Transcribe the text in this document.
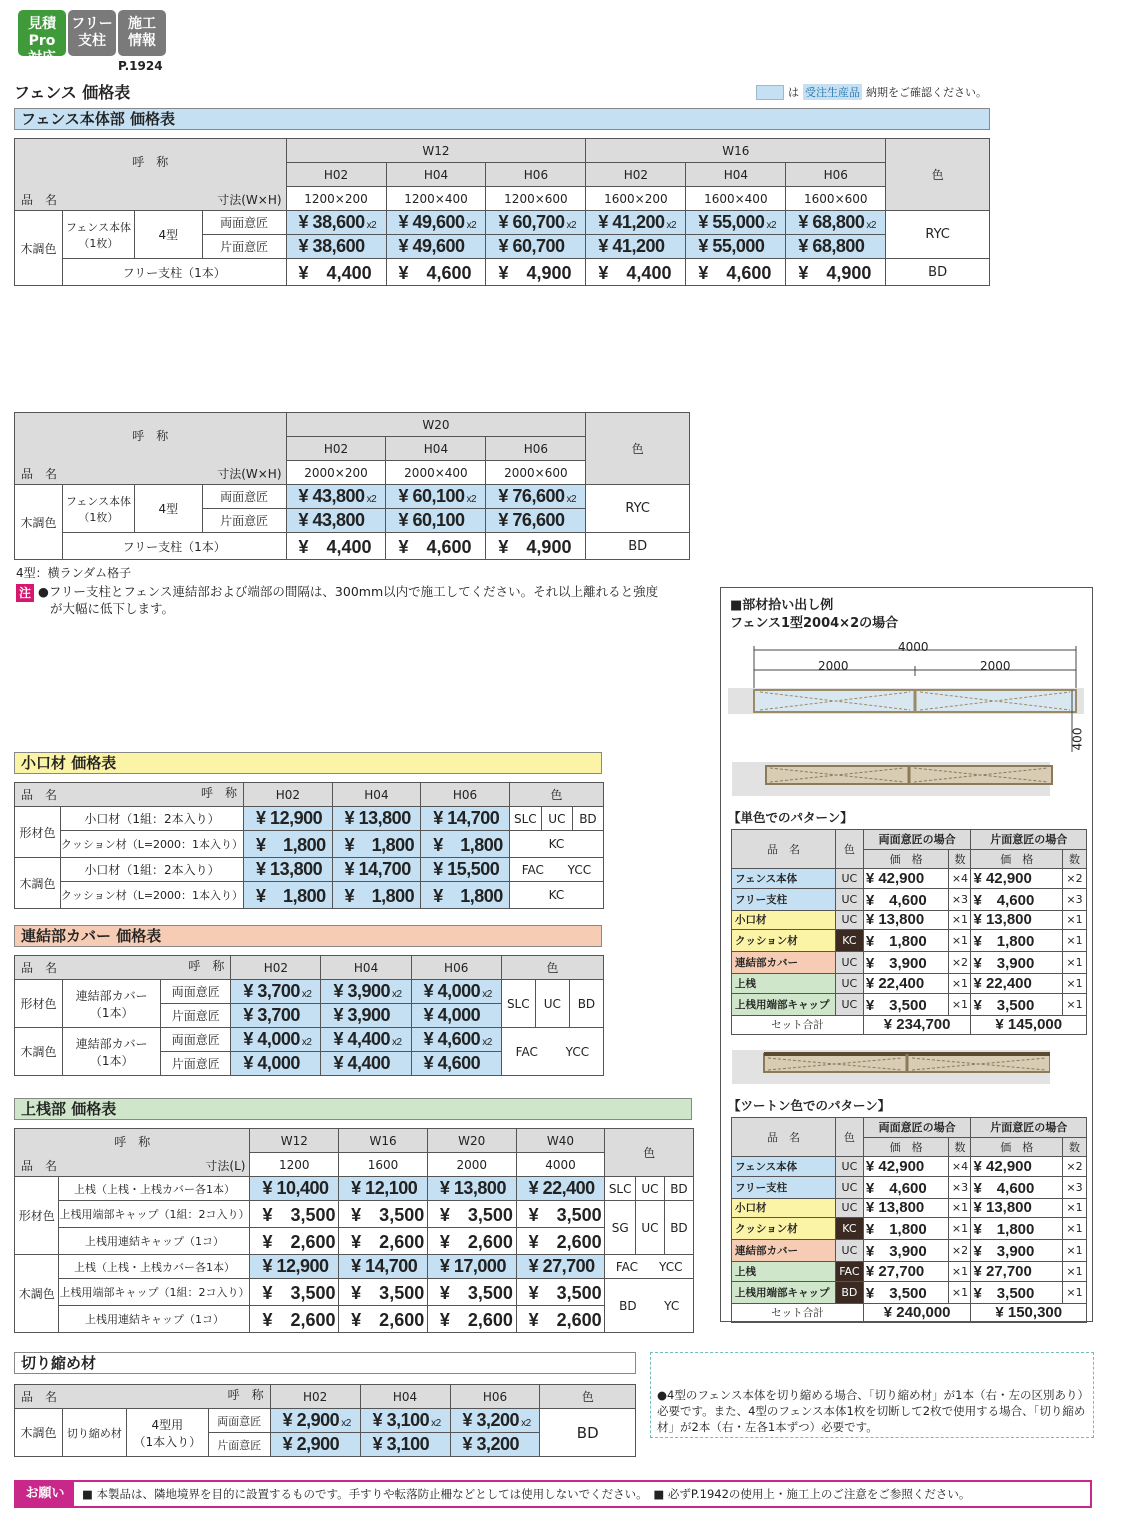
見積Pro
対応
フリー
支柱
施工
情報
P.1924
フェンス 価格表	は 受注生産品 納期をご確認ください。
フェンス本体部 価格表
呼　称
品　名 寸法(W×H)				W12			W16			色
				H02	H04	H06	H02	H04	H06	
				1200×200	1200×400	1200×600	1600×200	1600×400	1600×600	
木調色	フェンス本体
（1枚）	4型	両面意匠	¥ 38,600 x2	¥ 49,600 x2	¥ 60,700 x2	¥ 41,200 x2	¥ 55,000 x2	¥ 68,800 x2	RYC
			片面意匠	¥ 38,600	¥ 49,600	¥ 60,700	¥ 41,200	¥ 55,000	¥ 68,800	
	フリー支柱（1本）			¥　4,400	¥　4,600	¥　4,900	¥　4,400	¥　4,600	¥　4,900	BD
呼　称
品　名 寸法(W×H)				W20			色
				H02	H04	H06	
				2000×200	2000×400	2000×600	
木調色	フェンス本体
（1枚）	4型	両面意匠	¥ 43,800 x2	¥ 60,100 x2	¥ 76,600 x2	RYC
			片面意匠	¥ 43,800	¥ 60,100	¥ 76,600	
	フリー支柱（1本）			¥　4,400	¥　4,600	¥　4,900	BD
4型：横ランダム格子
注 ●フリー支柱とフェンス連結部および端部の間隔は、300mm以内で施工してください。それ以上離れると強度
が大幅に低下します。
小口材 価格表
品　名 呼　称		H02	H04	H06	色		
形材色	小口材（1組：2本入り）	¥ 12,900	¥ 13,800	¥ 14,700	SLC	UC	BD
	クッション材（L=2000：1本入り）	¥　1,800	¥　1,800	¥　1,800	KC		
木調色	小口材（1組：2本入り）	¥ 13,800	¥ 14,700	¥ 15,500	FAC YCC		

	クッション材（L=2000：1本入り）	¥　1,800	¥　1,800	¥　1,800	KC		
連結部カバー 価格表
品　名 呼　称			H02	H04	H06	色		
形材色	連結部カバー
（1本）	両面意匠	¥ 3,700 x2	¥ 3,900 x2	¥ 4,000 x2	SLC	UC	BD
		片面意匠	¥ 3,700	¥ 3,900	¥ 4,000			
木調色	連結部カバー
（1本）	両面意匠	¥ 4,000 x2	¥ 4,400 x2	¥ 4,600 x2	FAC YCC		

		片面意匠	¥ 4,000	¥ 4,400	¥ 4,600			
上桟部 価格表
呼　称
品　名 寸法(L)		W12	W16	W20	W40	色		
		1200	1600	2000	4000			
形材色	上桟（上桟・上桟カバー各1本）	¥ 10,400	¥ 12,100	¥ 13,800	¥ 22,400	SLC	UC	BD
	上桟用端部キャップ（1組：2コ入り）	¥　3,500	¥　3,500	¥　3,500	¥　3,500	SG	UC	BD
	上桟用連結キャップ（1コ）	¥　2,600	¥　2,600	¥　2,600	¥　2,600			
木調色	上桟（上桟・上桟カバー各1本）	¥ 12,900	¥ 14,700	¥ 17,000	¥ 27,700	FAC YCC		

	上桟用端部キャップ（1組：2コ入り）	¥　3,500	¥　3,500	¥　3,500	¥　3,500	BD YC		

	上桟用連結キャップ（1コ）	¥　2,600	¥　2,600	¥　2,600	¥　2,600			
切り縮め材
品　名 呼　称				H02	H04	H06	色
木調色	切り縮め材	4型用
（1本入り）	両面意匠	¥ 2,900 x2	¥ 3,100 x2	¥ 3,200 x2	BD
			片面意匠	¥ 2,900	¥ 3,100	¥ 3,200	
●4型のフェンス本体を切り縮める場合、「切り縮め材」が1本（右・左の区別あり）必要です。また、4型のフェンス本体1枚を切断して2枚で使用する場合、「切り縮め材」が2本（右・左各1本ずつ）必要です。
■部材拾い出し例
フェンス1型2004×2の場合
4000
2000	2000
400
【単色でのパターン】
品　名	色	両面意匠の場合		片面意匠の場合	
		価　格	数	価　格	数
フェンス本体	UC	¥ 42,900	×4	¥ 42,900	×2
フリー支柱	UC	¥　4,600	×3	¥　4,600	×3
小口材	UC	¥ 13,800	×1	¥ 13,800	×1
クッション材	KC	¥　1,800	×1	¥　1,800	×1
連結部カバー	UC	¥　3,900	×2	¥　3,900	×1
上桟	UC	¥ 22,400	×1	¥ 22,400	×1
上桟用端部キャップ	UC	¥　3,500	×1	¥　3,500	×1
セット合計		¥ 234,700		¥ 145,000	
【ツートン色でのパターン】
品　名	色	両面意匠の場合		片面意匠の場合	
		価　格	数	価　格	数
フェンス本体	UC	¥ 42,900	×4	¥ 42,900	×2
フリー支柱	UC	¥　4,600	×3	¥　4,600	×3
小口材	UC	¥ 13,800	×1	¥ 13,800	×1
クッション材	KC	¥　1,800	×1	¥　1,800	×1
連結部カバー	UC	¥　3,900	×2	¥　3,900	×1
上桟	FAC	¥ 27,700	×1	¥ 27,700	×1
上桟用端部キャップ	BD	¥　3,500	×1	¥　3,500	×1
セット合計		¥ 240,000		¥ 150,300	
お願い	■ 本製品は、隣地境界を目的に設置するものです。手すりや転落防止柵などとしては使用しないでください。　■ 必ずP.1942の使用上・施工上のご注意をご参照ください。
